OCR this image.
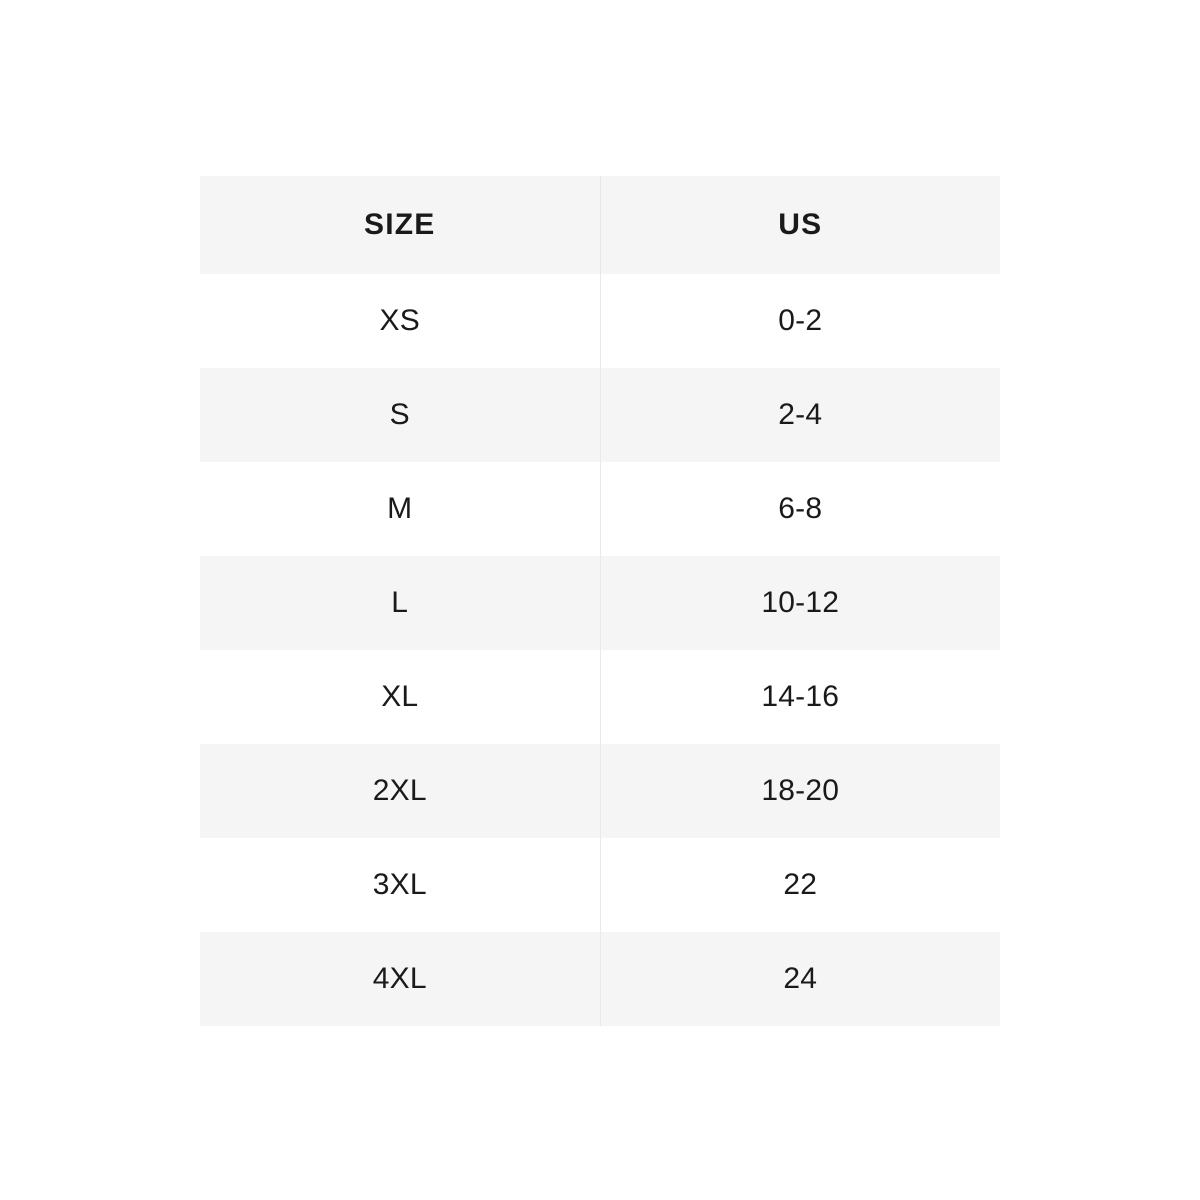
SIZE	US
XS	0-2
S	2-4
M	6-8
L	10-12
XL	14-16
2XL	18-20
3XL	22
4XL	24
